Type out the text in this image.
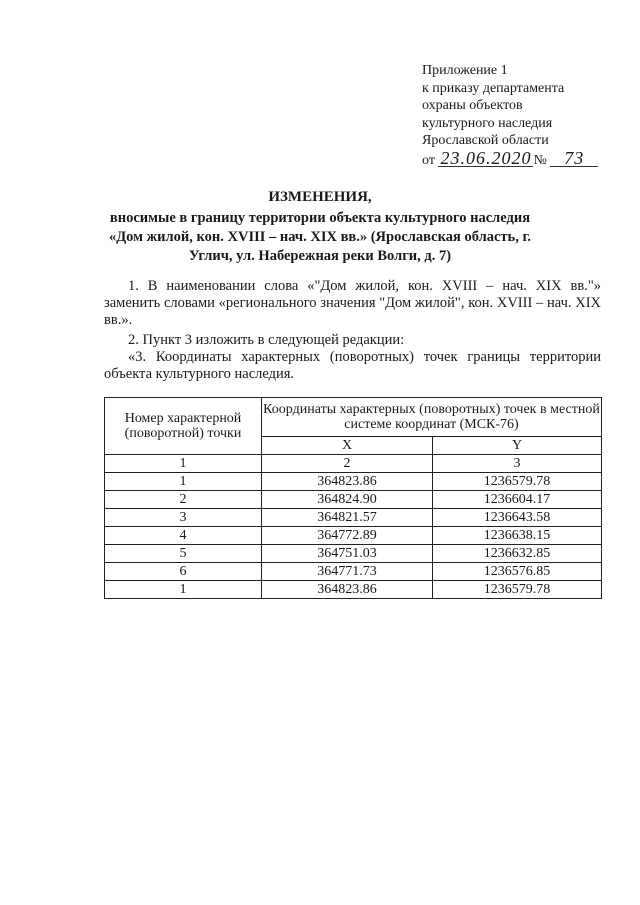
Приложение 1
к приказу департамента
охраны объектов
культурного наследия
Ярославской области
от 23.06.2020 № 73
ИЗМЕНЕНИЯ,
вносимые в границу территории объекта культурного наследия «Дом жилой, кон. XVIII – нач. XIX вв.» (Ярославская область, г. Углич, ул. Набережная реки Волги, д. 7)

1. В наименовании слова «"Дом жилой, кон. XVIII – нач. XIX вв."» заменить словами «регионального значения "Дом жилой", кон. XVIII – нач. XIX вв.».

2. Пункт 3 изложить в следующей редакции:

«3. Координаты характерных (поворотных) точек границы территории объекта культурного наследия.

Номер характерной (поворотной) точки	Координаты характерных (поворотных) точек в местной системе координат (МСК-76)	
	X	Y
1	2	3
1	364823.86	1236579.78
2	364824.90	1236604.17
3	364821.57	1236643.58
4	364772.89	1236638.15
5	364751.03	1236632.85
6	364771.73	1236576.85
1	364823.86	1236579.78
